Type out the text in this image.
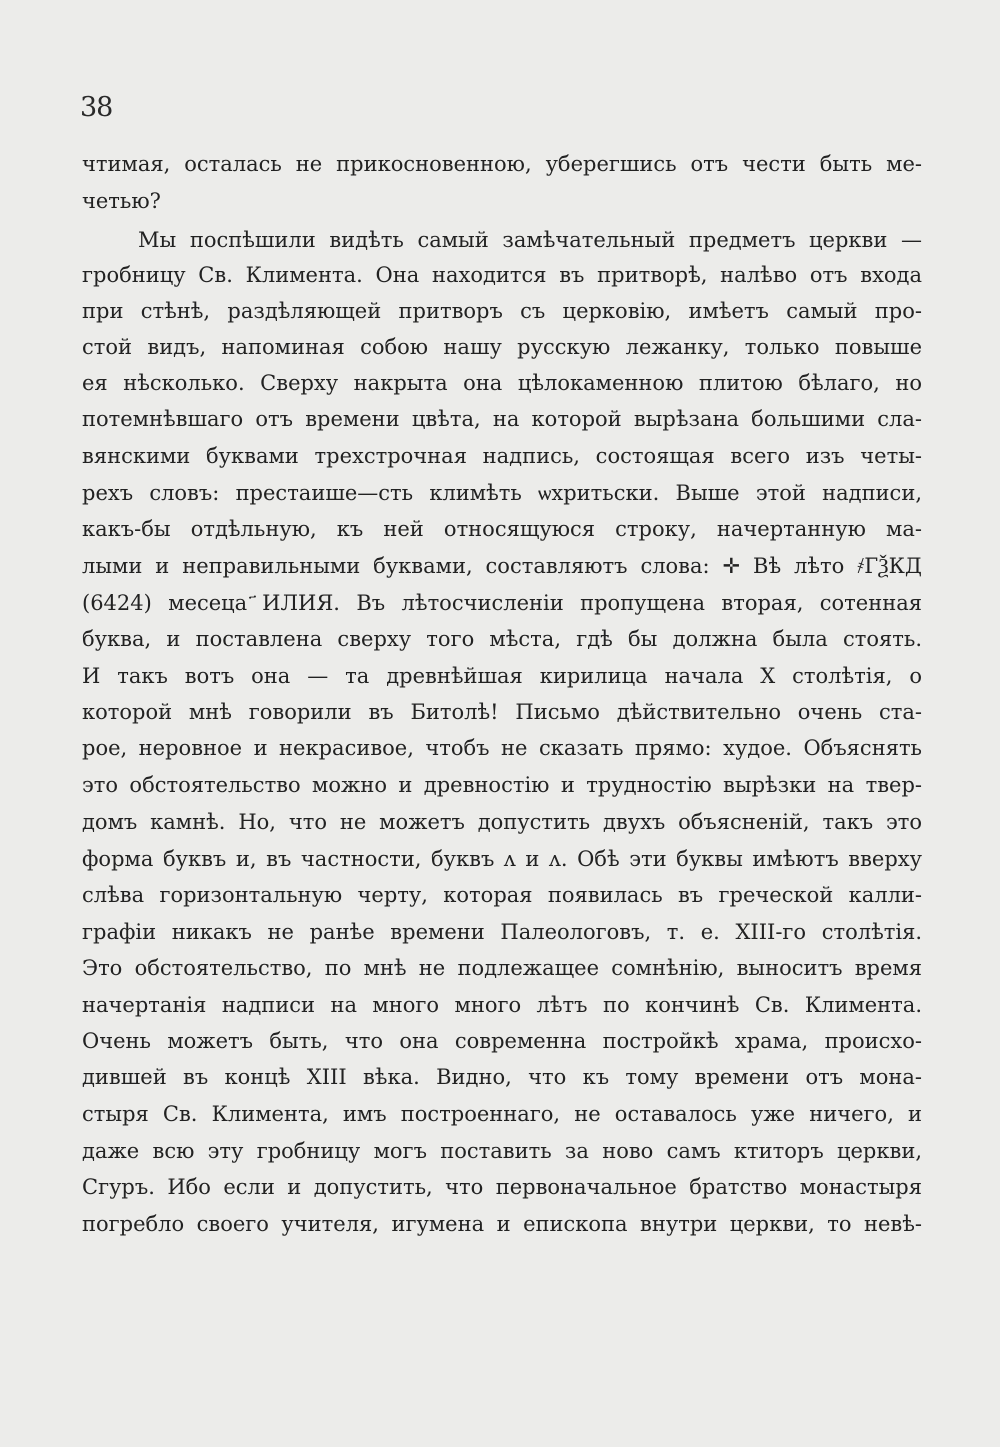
38
чтимая, осталась не прикосновенною, уберегшись отъ чести быть ме-
четью?
Мы поспѣшили видѣть самый замѣчательный предметъ церкви —
гробницу Св. Климента. Она находится въ притворѣ, налѣво отъ входа
при стѣнѣ, раздѣляющей притворъ съ церковію, имѣетъ самый про-
стой видъ, напоминая собою нашу русскую лежанку, только повыше
ея нѣсколько. Сверху накрыта она цѣлокаменною плитою бѣлаго, но
потемнѣвшаго отъ времени цвѣта, на которой вырѣзана большими сла-
вянскими буквами трехстрочная надпись, состоящая всего изъ четы-
рехъ словъ: престаише—сть климѣть ѡхритьски. Выше этой надписи,
какъ-бы отдѣльную, къ ней относящуюся строку, начертанную ма-
лыми и неправильными буквами, составляютъ слова: ✛ Вѣ лѣто ҂ГѮКД
(6424) месеца ҃ИЛИЯ. Въ лѣтосчисленіи пропущена вторая, сотенная
буква, и поставлена сверху того мѣста, гдѣ бы должна была стоять.
И такъ вотъ она — та древнѣйшая кирилица начала X столѣтія, о
которой мнѣ говорили въ Битолѣ! Письмо дѣйствительно очень ста-
рое, неровное и некрасивое, чтобъ не сказать прямо: худое. Объяснять
это обстоятельство можно и древностію и трудностію вырѣзки на твер-
домъ камнѣ. Но, что не можетъ допустить двухъ объясненій, такъ это
форма буквъ и, въ частности, буквъ ʌ и ʌ. Обѣ эти буквы имѣютъ вверху
слѣва горизонтальную черту, которая появилась въ греческой калли-
графіи никакъ не ранѣе времени Палеологовъ, т. е. XIII-го столѣтія.
Это обстоятельство, по мнѣ не подлежащее сомнѣнію, выноситъ время
начертанія надписи на много много лѣтъ по кончинѣ Св. Климента.
Очень можетъ быть, что она современна постройкѣ храма, происхо-
дившей въ концѣ XIII вѣка. Видно, что къ тому времени отъ мона-
стыря Св. Климента, имъ построеннаго, не оставалось уже ничего, и
даже всю эту гробницу могъ поставить за ново самъ ктиторъ церкви,
Сгуръ. Ибо если и допустить, что первоначальное братство монастыря
погребло своего учителя, игумена и епископа внутри церкви, то невѣ-
